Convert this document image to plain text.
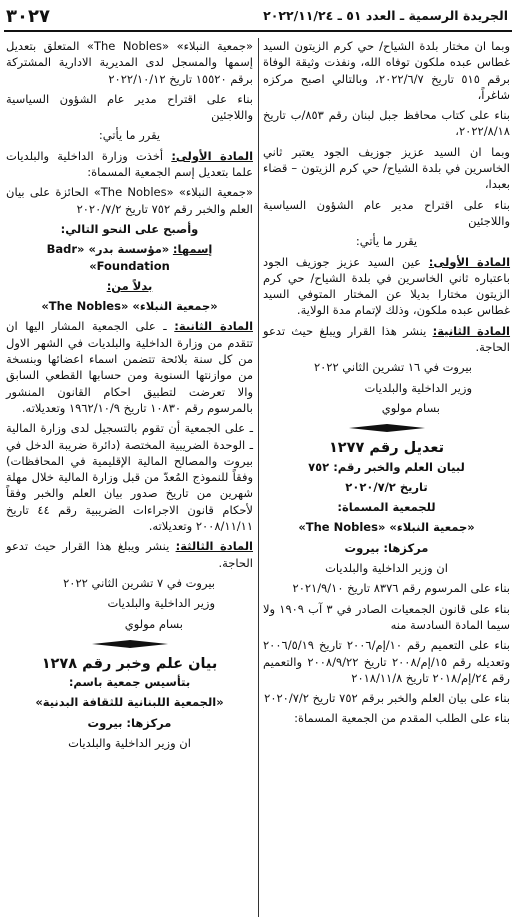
الجريدة الرسمية ـ العدد ٥١ ـ ٢٠٢٢/١١/٢٤
٣٠٢٧

وبما ان مختار بلدة الشياح/ حي كرم الزيتون السيد غطاس عبده ملكون توفاه الله، ونفذت وثيقة الوفاة برقم ٥١٥ تاريخ ٢٠٢٢/٦/٧، وبالتالي اصبح مركزه شاغراً،

بناء على كتاب محافظ جبل لبنان رقم ٨٥٣/ب تاريخ ٢٠٢٢/٨/١٨،

وبما ان السيد عزيز جوزيف الجود يعتبر ثاني الخاسرين في بلدة الشياح/ حي كرم الزيتون – قضاء بعبدا،

بناء على اقتراح مدير عام الشؤون السياسية واللاجئين

يقرر ما يأتي:

المادة الأولى: عين السيد عزيز جوزيف الجود باعتباره ثاني الخاسرين في بلدة الشياح/ حي كرم الزيتون مختارا بديلا عن المختار المتوفي السيد غطاس عبده ملكون، وذلك لإتمام مدة الولاية.

المادة الثانية: ينشر هذا القرار ويبلغ حيث تدعو الحاجة.

بيروت في ١٦ تشرين الثاني ٢٠٢٢

وزير الداخلية والبلديات

بسام مولوي

تعديل رقم ١٢٧٧

لبيان العلم والخبر رقم: ٧٥٢

تاريخ ٢٠٢٠/٧/٢

للجمعية المسماة:

«جمعية النبلاء» «The Nobles»

مركزها: بيروت

ان وزير الداخلية والبلديات

بناء على المرسوم رقم ٨٣٧٦ تاريخ ٢٠٢١/٩/١٠

بناء على قانون الجمعيات الصادر في ٣ آب ١٩٠٩ ولا سيما المادة السادسة منه

بناء على التعميم رقم ١٠/إم/٢٠٠٦ تاريخ ٢٠٠٦/٥/١٩ وتعديله رقم ١٥/إم/٢٠٠٨ تاريخ ٢٠٠٨/٩/٢٢ والتعميم رقم ٢٤/إم/٢٠١٨ تاريخ ٢٠١٨/١١/٨

بناء على بيان العلم والخبر برقم ٧٥٢ تاريخ ٢٠٢٠/٧/٢

بناء على الطلب المقدم من الجمعية المسماة:

«جمعية النبلاء» «The Nobles» المتعلق بتعديل إسمها والمسجل لدى المديرية الادارية المشتركة برقم ١٥٥٢٠ تاريخ ٢٠٢٢/١٠/١٢

بناء على اقتراح مدير عام الشؤون السياسية واللاجئين

يقرر ما يأتي:

المادة الأولى: أخذت وزارة الداخلية والبلديات علما بتعديل إسم الجمعية المسماة:

«جمعية النبلاء» «The Nobles» الحائزة على بيان العلم والخبر رقم ٧٥٢ تاريخ ٢٠٢٠/٧/٢

وأصبح على النحو التالي:

إسمها: «مؤسسة بدر» «Badr Foundation»

بدلاً من:

«جمعية النبلاء» «The Nobles»

المادة الثانية: ـ على الجمعية المشار اليها ان تتقدم من وزارة الداخلية والبلديات في الشهر الاول من كل سنة بلائحة تتضمن اسماء اعضائها وبنسخة من موازنتها السنوية ومن حسابها القطعي السابق والا تعرضت لتطبيق احكام القانون المنشور بالمرسوم رقم ١٠٨٣٠ تاريخ ١٩٦٢/١٠/٩ وتعديلاته.

ـ على الجمعية أن تقوم بالتسجيل لدى وزارة المالية ـ الوحدة الضريبية المختصة (دائرة ضريبة الدخل في بيروت والمصالح المالية الإقليمية في المحافظات) وفقاً للنموذج المُعدّ من قبل وزارة المالية خلال مهلة شهرين من تاريخ صدور بيان العلم والخبر وفقاً لأحكام قانون الاجراءات الضريبية رقم ٤٤ تاريخ ٢٠٠٨/١١/١١ وتعديلاته.

المادة الثالثة: ينشر ويبلغ هذا القرار حيث تدعو الحاجة.

بيروت في ٧ تشرين الثاني ٢٠٢٢

وزير الداخلية والبلديات

بسام مولوي

بيان علم وخبر رقم ١٢٧٨

بتأسيس جمعية باسم:

«الجمعية اللبنانية للثقافة البدنية»

مركزها: بيروت

ان وزير الداخلية والبلديات
